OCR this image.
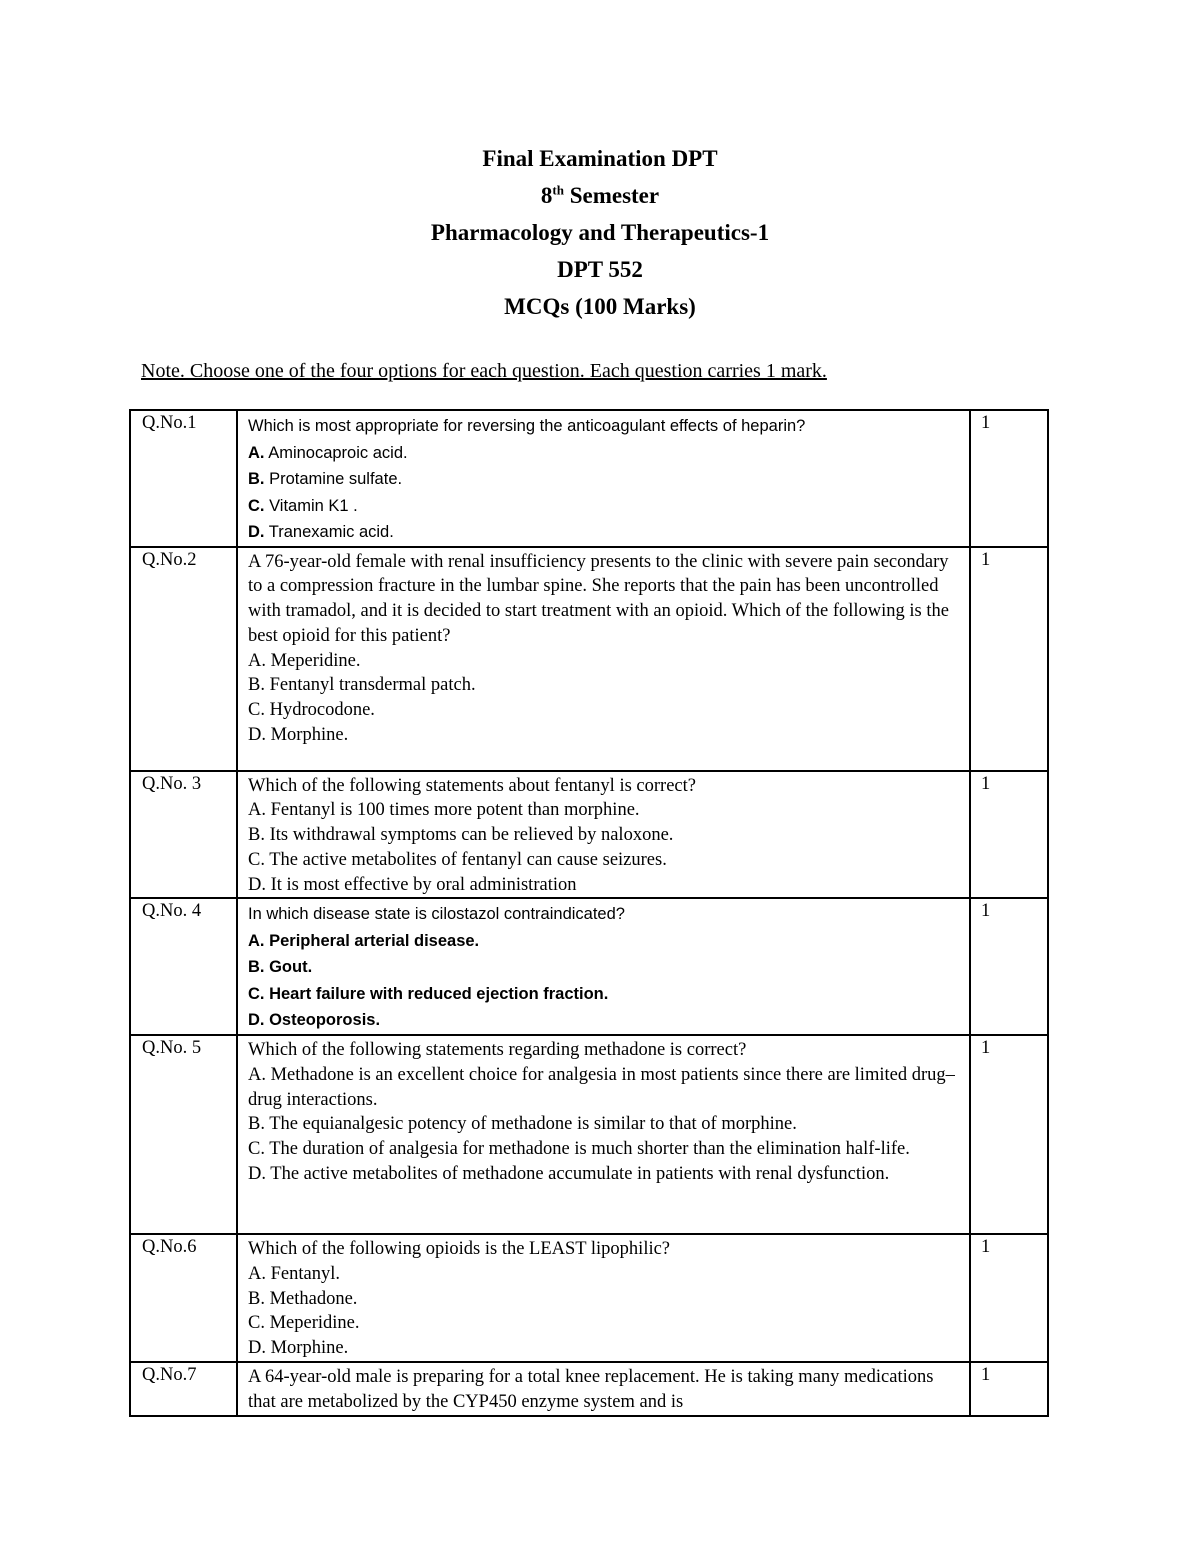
Final Examination DPT

8th Semester

Pharmacology and Therapeutics-1

DPT 552

MCQs (100 Marks)

Note. Choose one of the four options for each question. Each question carries 1 mark.
Q.No.1	Which is most appropriate for reversing the anticoagulant effects of heparin?
A. Aminocaproic acid.
B. Protamine sulfate.
C. Vitamin K1 .
D. Tranexamic acid.	1
Q.No.2	A 76-year-old female with renal insufficiency presents to the clinic with severe pain secondary to a compression fracture in the lumbar spine. She reports that the pain has been uncontrolled with tramadol, and it is decided to start treatment with an opioid. Which of the following is the best opioid for this patient?
A. Meperidine.
B. Fentanyl transdermal patch.
C. Hydrocodone.
D. Morphine.	1
Q.No. 3	Which of the following statements about fentanyl is correct?
A. Fentanyl is 100 times more potent than morphine.
B. Its withdrawal symptoms can be relieved by naloxone.
C. The active metabolites of fentanyl can cause seizures.
D. It is most effective by oral administration	1
Q.No. 4	In which disease state is cilostazol contraindicated?
A. Peripheral arterial disease.
B. Gout.
C. Heart failure with reduced ejection fraction.
D. Osteoporosis.	1
Q.No. 5	Which of the following statements regarding methadone is correct?
A. Methadone is an excellent choice for analgesia in most patients since there are limited drug–drug interactions.
B. The equianalgesic potency of methadone is similar to that of morphine.
C. The duration of analgesia for methadone is much shorter than the elimination half-life.
D. The active metabolites of methadone accumulate in patients with renal dysfunction.	1
Q.No.6	Which of the following opioids is the LEAST lipophilic?
A. Fentanyl.
B. Methadone.
C. Meperidine.
D. Morphine.	1
Q.No.7	A 64-year-old male is preparing for a total knee replacement. He is taking many medications that are metabolized by the CYP450 enzyme system and is	1
